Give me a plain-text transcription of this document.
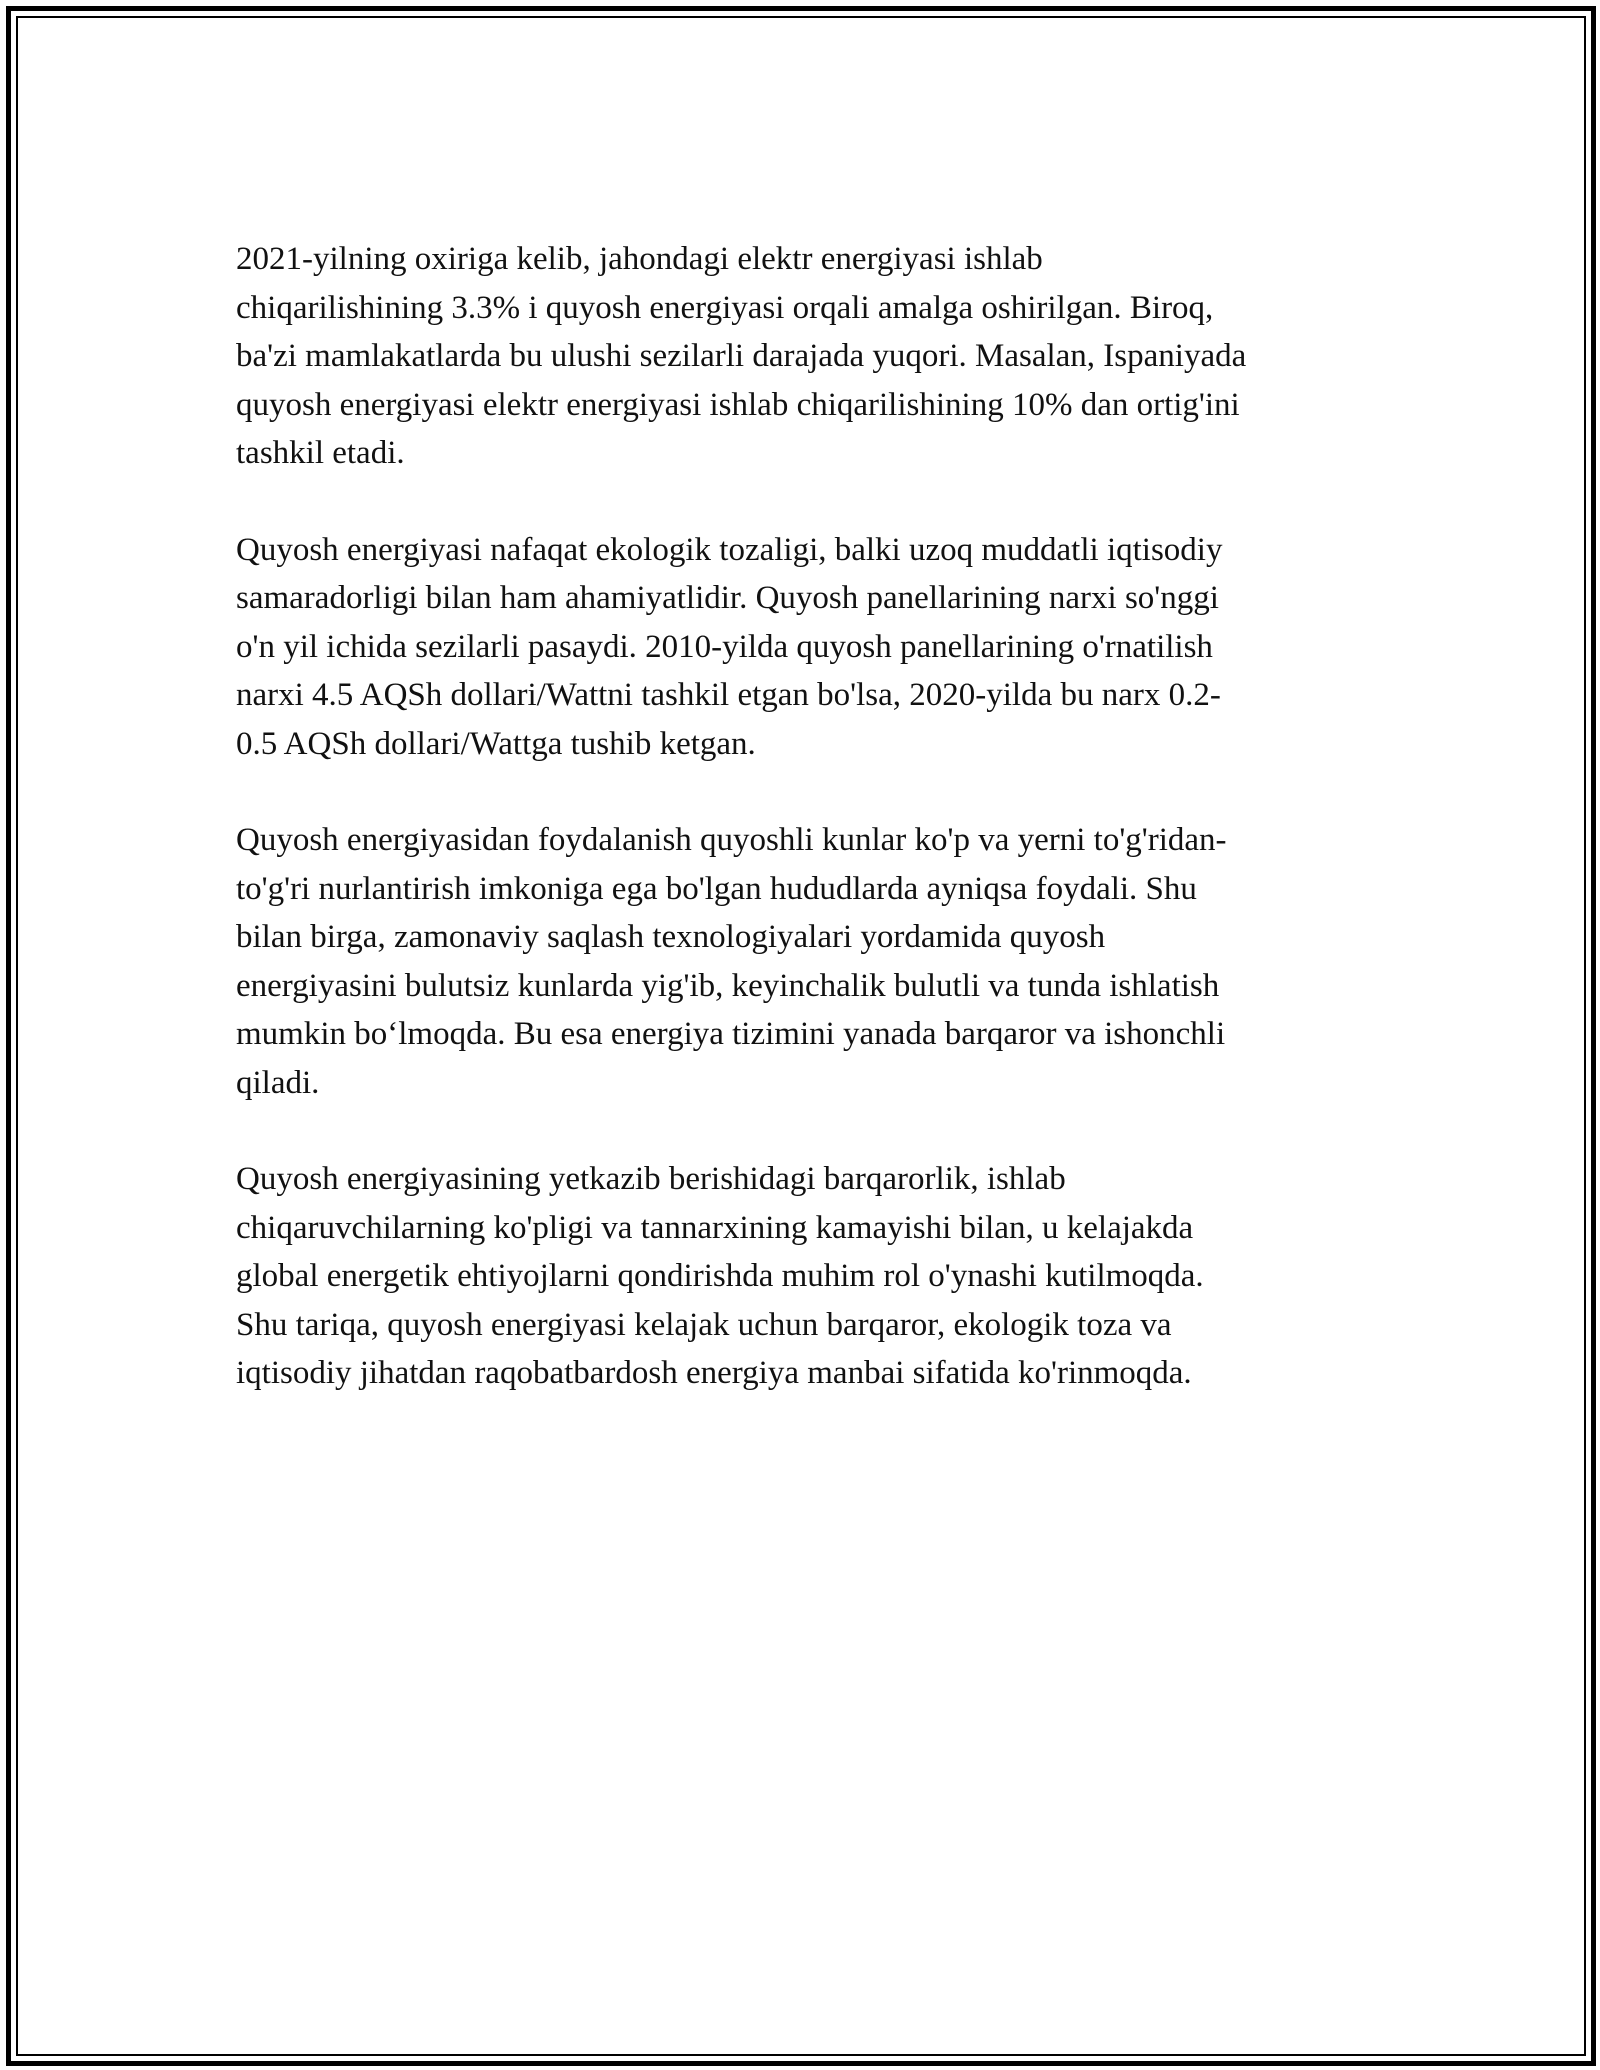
2021-yilning oxiriga kelib, jahondagi elektr energiyasi ishlab
chiqarilishining 3.3% i quyosh energiyasi orqali amalga oshirilgan. Biroq,
ba'zi mamlakatlarda bu ulushi sezilarli darajada yuqori. Masalan, Ispaniyada
quyosh energiyasi elektr energiyasi ishlab chiqarilishining 10% dan ortig'ini
tashkil etadi.

Quyosh energiyasi nafaqat ekologik tozaligi, balki uzoq muddatli iqtisodiy
samaradorligi bilan ham ahamiyatlidir. Quyosh panellarining narxi so'nggi
o'n yil ichida sezilarli pasaydi. 2010-yilda quyosh panellarining o'rnatilish
narxi 4.5 AQSh dollari/Wattni tashkil etgan bo'lsa, 2020-yilda bu narx 0.2-
0.5 AQSh dollari/Wattga tushib ketgan.

Quyosh energiyasidan foydalanish quyoshli kunlar ko'p va yerni to'g'ridan-
to'g'ri nurlantirish imkoniga ega bo'lgan hududlarda ayniqsa foydali. Shu
bilan birga, zamonaviy saqlash texnologiyalari yordamida quyosh
energiyasini bulutsiz kunlarda yig'ib, keyinchalik bulutli va tunda ishlatish
mumkin bo‘lmoqda. Bu esa energiya tizimini yanada barqaror va ishonchli
qiladi.

Quyosh energiyasining yetkazib berishidagi barqarorlik, ishlab
chiqaruvchilarning ko'pligi va tannarxining kamayishi bilan, u kelajakda
global energetik ehtiyojlarni qondirishda muhim rol o'ynashi kutilmoqda.
Shu tariqa, quyosh energiyasi kelajak uchun barqaror, ekologik toza va
iqtisodiy jihatdan raqobatbardosh energiya manbai sifatida ko'rinmoqda.
